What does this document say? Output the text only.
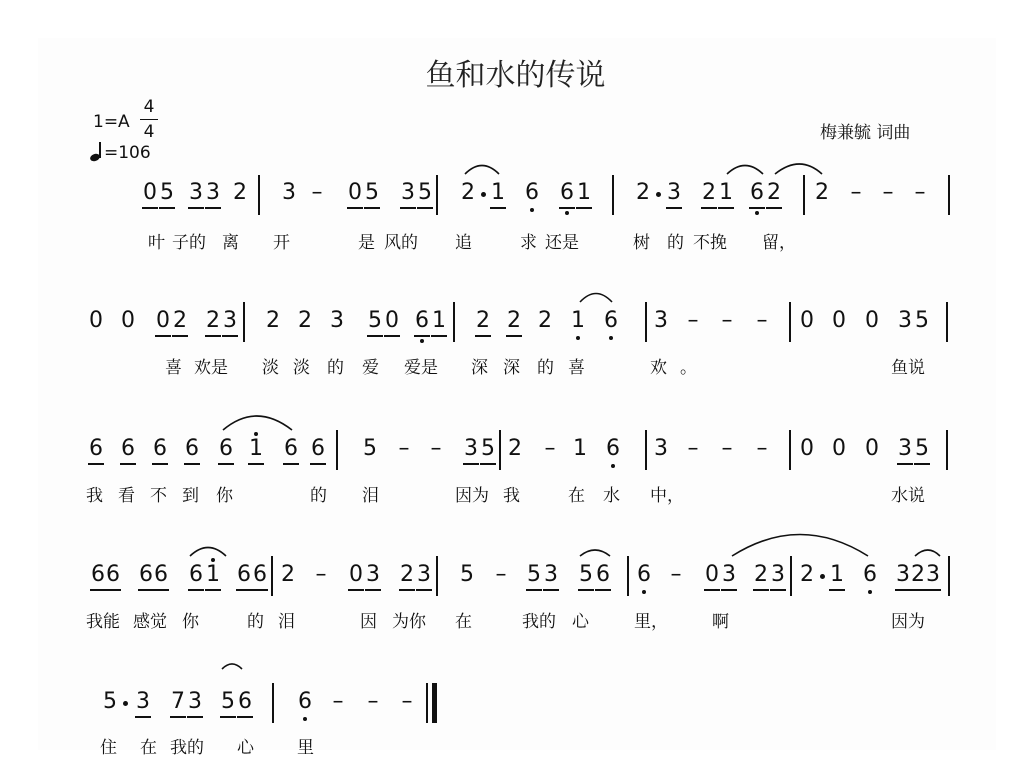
鱼和水的传说
1=A
4
4
=106
梅兼毓 词曲
0 5 3 3 2 3 – 0 5 3 5 2 1 6 6 1 2 3 2 1 6 2 2 – – –
叶 子的 离 开	是 风的 追	求 还是	树 的 不挽 留，
0 0 0 2 2 3 2 2 3 5 0 6 1 2 2 2 1 6 3 – – – 0 0 0 3 5
喜 欢是 淡 淡 的 爱 爱是 深 深 的 喜	欢 。	鱼说
6 6 6 6 6 1 6 6 5 – – 3 5 2 – 1 6 3 – – – 0 0 0 3 5
我 看 不 到 你	的 泪	因为 我	在 水 中，	水说
6 6 6 6 6 1 6 6 2 – 0 3 2 3 5 – 5 3 5 6 6 – 0 3 2 3 2 1 6 3 2 3
我能 感觉 你	的 泪	因 为你 在	我的 心	里，	啊	因为
5 3 7 3 5 6 6 – – –
